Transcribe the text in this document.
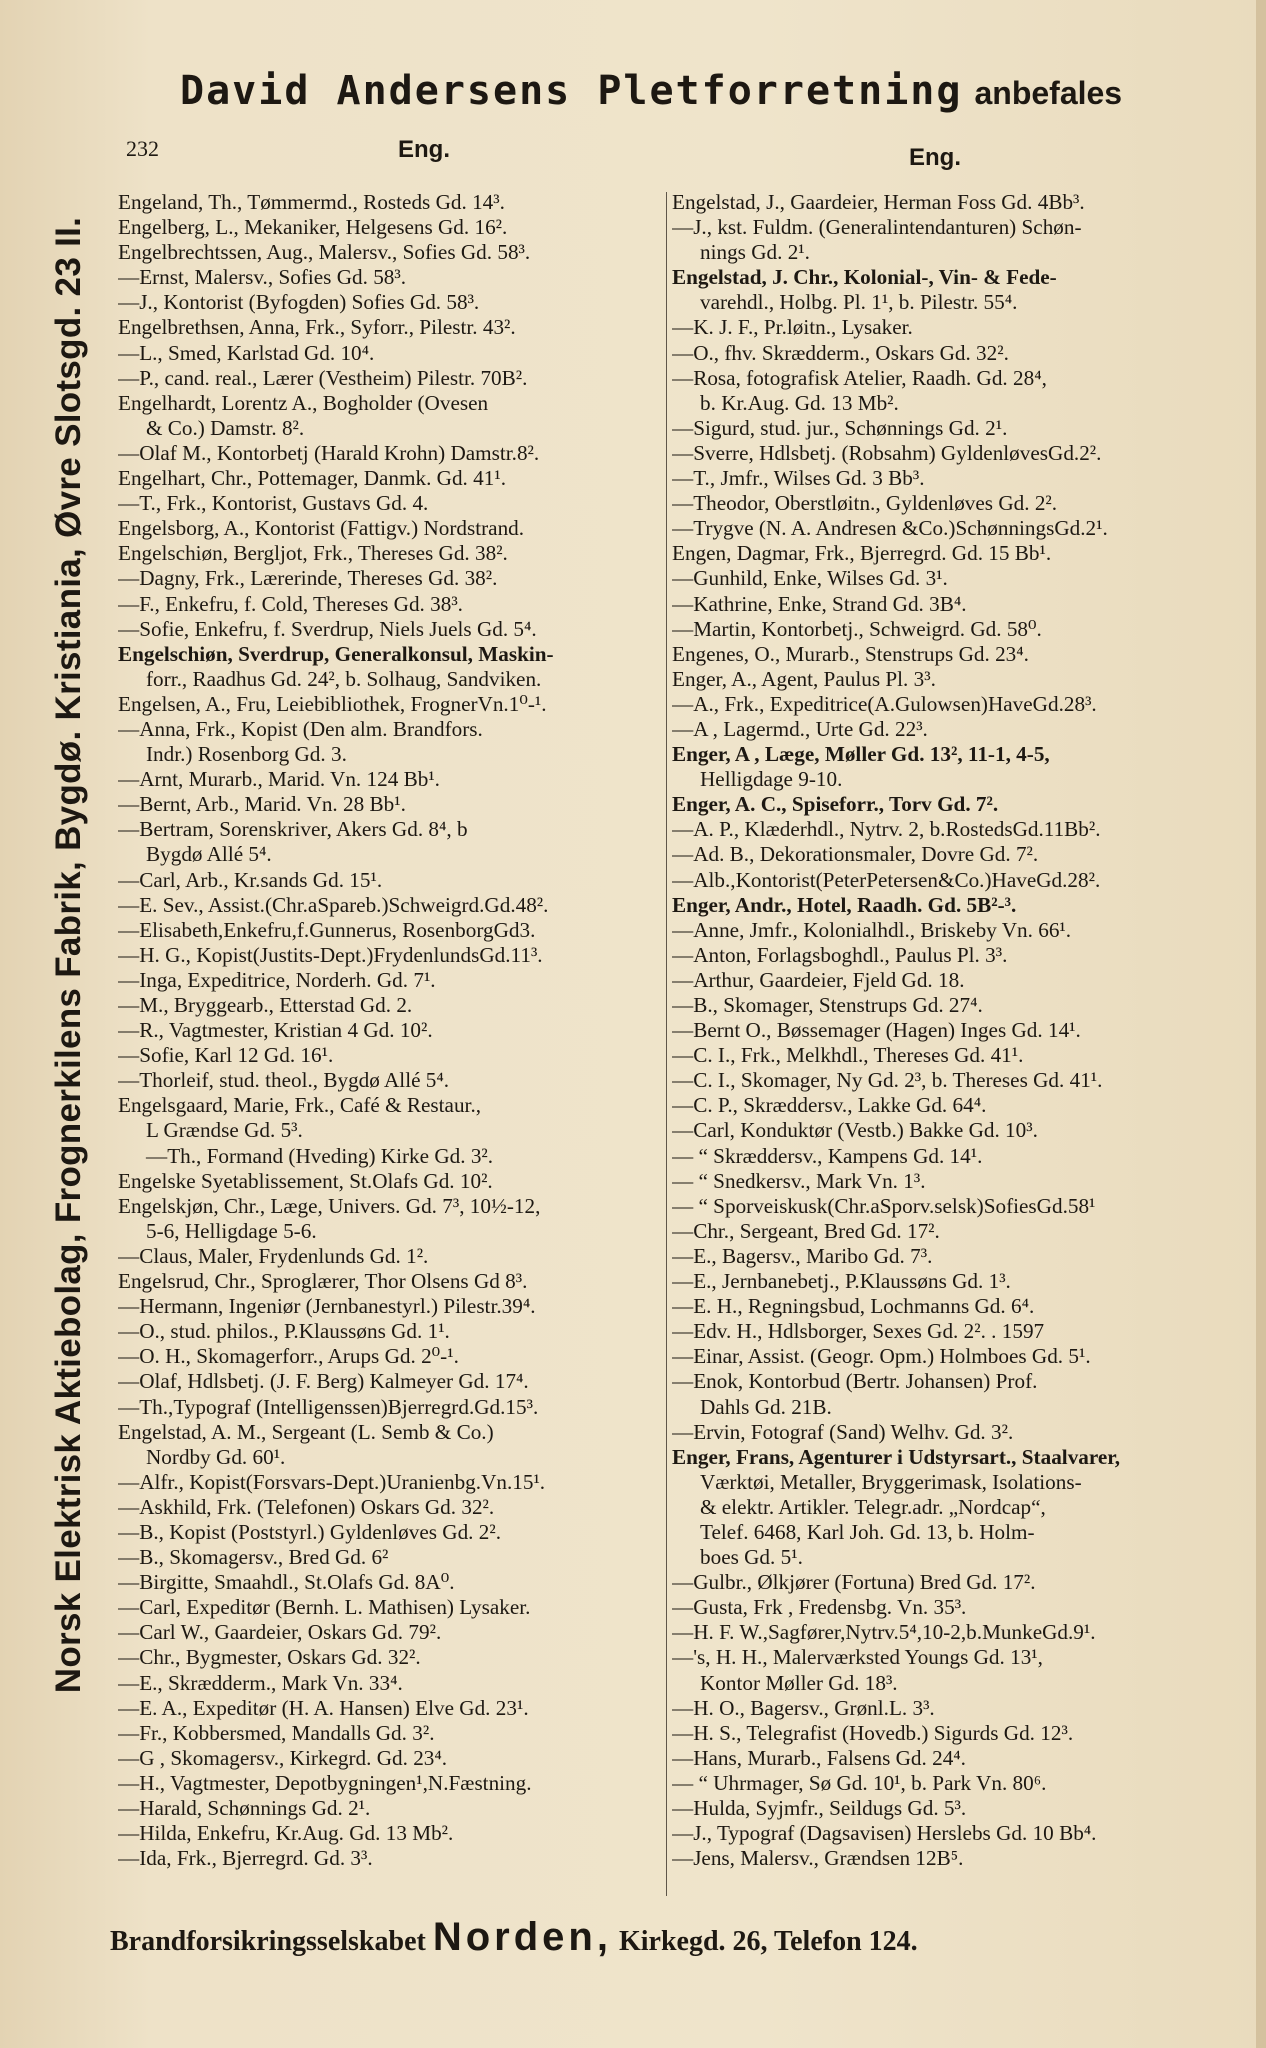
David Andersens Pletforretning anbefales
232	Eng.	Eng.
Norsk Elektrisk Aktiebolag, Frognerkilens Fabrik, Bygdø. Kristiania, Øvre Slotsgd. 23 II.
Engeland, Th., Tømmermd., Rosteds Gd. 14³.
Engelberg, L., Mekaniker, Helgesens Gd. 16².
Engelbrechtssen, Aug., Malersv., Sofies Gd. 58³.
—Ernst, Malersv., Sofies Gd. 58³.
—J., Kontorist (Byfogden) Sofies Gd. 58³.
Engelbrethsen, Anna, Frk., Syforr., Pilestr. 43².
—L., Smed, Karlstad Gd. 10⁴.
—P., cand. real., Lærer (Vestheim) Pilestr. 70B².
Engelhardt, Lorentz A., Bogholder (Ovesen
& Co.) Damstr. 8².
—Olaf M., Kontorbetj (Harald Krohn) Damstr.8².
Engelhart, Chr., Pottemager, Danmk. Gd. 41¹.
—T., Frk., Kontorist, Gustavs Gd. 4.
Engelsborg, A., Kontorist (Fattigv.) Nordstrand.
Engelschiøn, Bergljot, Frk., Thereses Gd. 38².
—Dagny, Frk., Lærerinde, Thereses Gd. 38².
—F., Enkefru, f. Cold, Thereses Gd. 38³.
—Sofie, Enkefru, f. Sverdrup, Niels Juels Gd. 5⁴.
Engelschiøn, Sverdrup, Generalkonsul, Maskin-
forr., Raadhus Gd. 24², b. Solhaug, Sandviken.
Engelsen, A., Fru, Leiebibliothek, FrognerVn.1⁰-¹.
—Anna, Frk., Kopist (Den alm. Brandfors.
Indr.) Rosenborg Gd. 3.
—Arnt, Murarb., Marid. Vn. 124 Bb¹.
—Bernt, Arb., Marid. Vn. 28 Bb¹.
—Bertram, Sorenskriver, Akers Gd. 8⁴, b
Bygdø Allé 5⁴.
—Carl, Arb., Kr.sands Gd. 15¹.
—E. Sev., Assist.(Chr.aSpareb.)Schweigrd.Gd.48².
—Elisabeth,Enkefru,f.Gunnerus, RosenborgGd3.
—H. G., Kopist(Justits-Dept.)FrydenlundsGd.11³.
—Inga, Expeditrice, Norderh. Gd. 7¹.
—M., Bryggearb., Etterstad Gd. 2.
—R., Vagtmester, Kristian 4 Gd. 10².
—Sofie, Karl 12 Gd. 16¹.
—Thorleif, stud. theol., Bygdø Allé 5⁴.
Engelsgaard, Marie, Frk., Café & Restaur.,
L Grændse Gd. 5³.
—Th., Formand (Hveding) Kirke Gd. 3².
Engelske Syetablissement, St.Olafs Gd. 10².
Engelskjøn, Chr., Læge, Univers. Gd. 7³, 10½-12,
5-6, Helligdage 5-6.
—Claus, Maler, Frydenlunds Gd. 1².
Engelsrud, Chr., Sproglærer, Thor Olsens Gd 8³.
—Hermann, Ingeniør (Jernbanestyrl.) Pilestr.39⁴.
—O., stud. philos., P.Klaussøns Gd. 1¹.
—O. H., Skomagerforr., Arups Gd. 2⁰-¹.
—Olaf, Hdlsbetj. (J. F. Berg) Kalmeyer Gd. 17⁴.
—Th.,Typograf (Intelligenssen)Bjerregrd.Gd.15³.
Engelstad, A. M., Sergeant (L. Semb & Co.)
Nordby Gd. 60¹.
—Alfr., Kopist(Forsvars-Dept.)Uranienbg.Vn.15¹.
—Askhild, Frk. (Telefonen) Oskars Gd. 32².
—B., Kopist (Poststyrl.) Gyldenløves Gd. 2².
—B., Skomagersv., Bred Gd. 6²
—Birgitte, Smaahdl., St.Olafs Gd. 8A⁰.
—Carl, Expeditør (Bernh. L. Mathisen) Lysaker.
—Carl W., Gaardeier, Oskars Gd. 79².
—Chr., Bygmester, Oskars Gd. 32².
—E., Skrædderm., Mark Vn. 33⁴.
—E. A., Expeditør (H. A. Hansen) Elve Gd. 23¹.
—Fr., Kobbersmed, Mandalls Gd. 3².
—G , Skomagersv., Kirkegrd. Gd. 23⁴.
—H., Vagtmester, Depotbygningen¹,N.Fæstning.
—Harald, Schønnings Gd. 2¹.
—Hilda, Enkefru, Kr.Aug. Gd. 13 Mb².
—Ida, Frk., Bjerregrd. Gd. 3³.
Engelstad, J., Gaardeier, Herman Foss Gd. 4Bb³.
—J., kst. Fuldm. (Generalintendanturen) Schøn-
nings Gd. 2¹.
Engelstad, J. Chr., Kolonial-, Vin- & Fede-
varehdl., Holbg. Pl. 1¹, b. Pilestr. 55⁴.
—K. J. F., Pr.løitn., Lysaker.
—O., fhv. Skrædderm., Oskars Gd. 32².
—Rosa, fotografisk Atelier, Raadh. Gd. 28⁴,
b. Kr.Aug. Gd. 13 Mb².
—Sigurd, stud. jur., Schønnings Gd. 2¹.
—Sverre, Hdlsbetj. (Robsahm) GyldenløvesGd.2².
—T., Jmfr., Wilses Gd. 3 Bb³.
—Theodor, Oberstløitn., Gyldenløves Gd. 2².
—Trygve (N. A. Andresen &Co.)SchønningsGd.2¹.
Engen, Dagmar, Frk., Bjerregrd. Gd. 15 Bb¹.
—Gunhild, Enke, Wilses Gd. 3¹.
—Kathrine, Enke, Strand Gd. 3B⁴.
—Martin, Kontorbetj., Schweigrd. Gd. 58⁰.
Engenes, O., Murarb., Stenstrups Gd. 23⁴.
Enger, A., Agent, Paulus Pl. 3³.
—A., Frk., Expeditrice(A.Gulowsen)HaveGd.28³.
—A , Lagermd., Urte Gd. 22³.
Enger, A , Læge, Møller Gd. 13², 11-1, 4-5,
Helligdage 9-10.
Enger, A. C., Spiseforr., Torv Gd. 7².
—A. P., Klæderhdl., Nytrv. 2, b.RostedsGd.11Bb².
—Ad. B., Dekorationsmaler, Dovre Gd. 7².
—Alb.,Kontorist(PeterPetersen&Co.)HaveGd.28².
Enger, Andr., Hotel, Raadh. Gd. 5B²-³.
—Anne, Jmfr., Kolonialhdl., Briskeby Vn. 66¹.
—Anton, Forlagsboghdl., Paulus Pl. 3³.
—Arthur, Gaardeier, Fjeld Gd. 18.
—B., Skomager, Stenstrups Gd. 27⁴.
—Bernt O., Bøssemager (Hagen) Inges Gd. 14¹.
—C. I., Frk., Melkhdl., Thereses Gd. 41¹.
—C. I., Skomager, Ny Gd. 2³, b. Thereses Gd. 41¹.
—C. P., Skræddersv., Lakke Gd. 64⁴.
—Carl, Konduktør (Vestb.) Bakke Gd. 10³.
— “ Skræddersv., Kampens Gd. 14¹.
— “ Snedkersv., Mark Vn. 1³.
— “ Sporveiskusk(Chr.aSporv.selsk)SofiesGd.58¹
—Chr., Sergeant, Bred Gd. 17².
—E., Bagersv., Maribo Gd. 7³.
—E., Jernbanebetj., P.Klaussøns Gd. 1³.
—E. H., Regningsbud, Lochmanns Gd. 6⁴.
—Edv. H., Hdlsborger, Sexes Gd. 2². . 1597
—Einar, Assist. (Geogr. Opm.) Holmboes Gd. 5¹.
—Enok, Kontorbud (Bertr. Johansen) Prof.
Dahls Gd. 21B.
—Ervin, Fotograf (Sand) Welhv. Gd. 3².
Enger, Frans, Agenturer i Udstyrsart., Staalvarer,
Værktøi, Metaller, Bryggerimask, Isolations-
& elektr. Artikler. Telegr.adr. „Nordcap“,
Telef. 6468, Karl Joh. Gd. 13, b. Holm-
boes Gd. 5¹.
—Gulbr., Ølkjører (Fortuna) Bred Gd. 17².
—Gusta, Frk , Fredensbg. Vn. 35³.
—H. F. W.,Sagfører,Nytrv.5⁴,10-2,b.MunkeGd.9¹.
—'s, H. H., Malerværksted Youngs Gd. 13¹,
Kontor Møller Gd. 18³.
—H. O., Bagersv., Grønl.L. 3³.
—H. S., Telegrafist (Hovedb.) Sigurds Gd. 12³.
—Hans, Murarb., Falsens Gd. 24⁴.
— “ Uhrmager, Sø Gd. 10¹, b. Park Vn. 80⁶.
—Hulda, Syjmfr., Seildugs Gd. 5³.
—J., Typograf (Dagsavisen) Herslebs Gd. 10 Bb⁴.
—Jens, Malersv., Grændsen 12B⁵.
Brandforsikringsselskabet Norden, Kirkegd. 26, Telefon 124.
